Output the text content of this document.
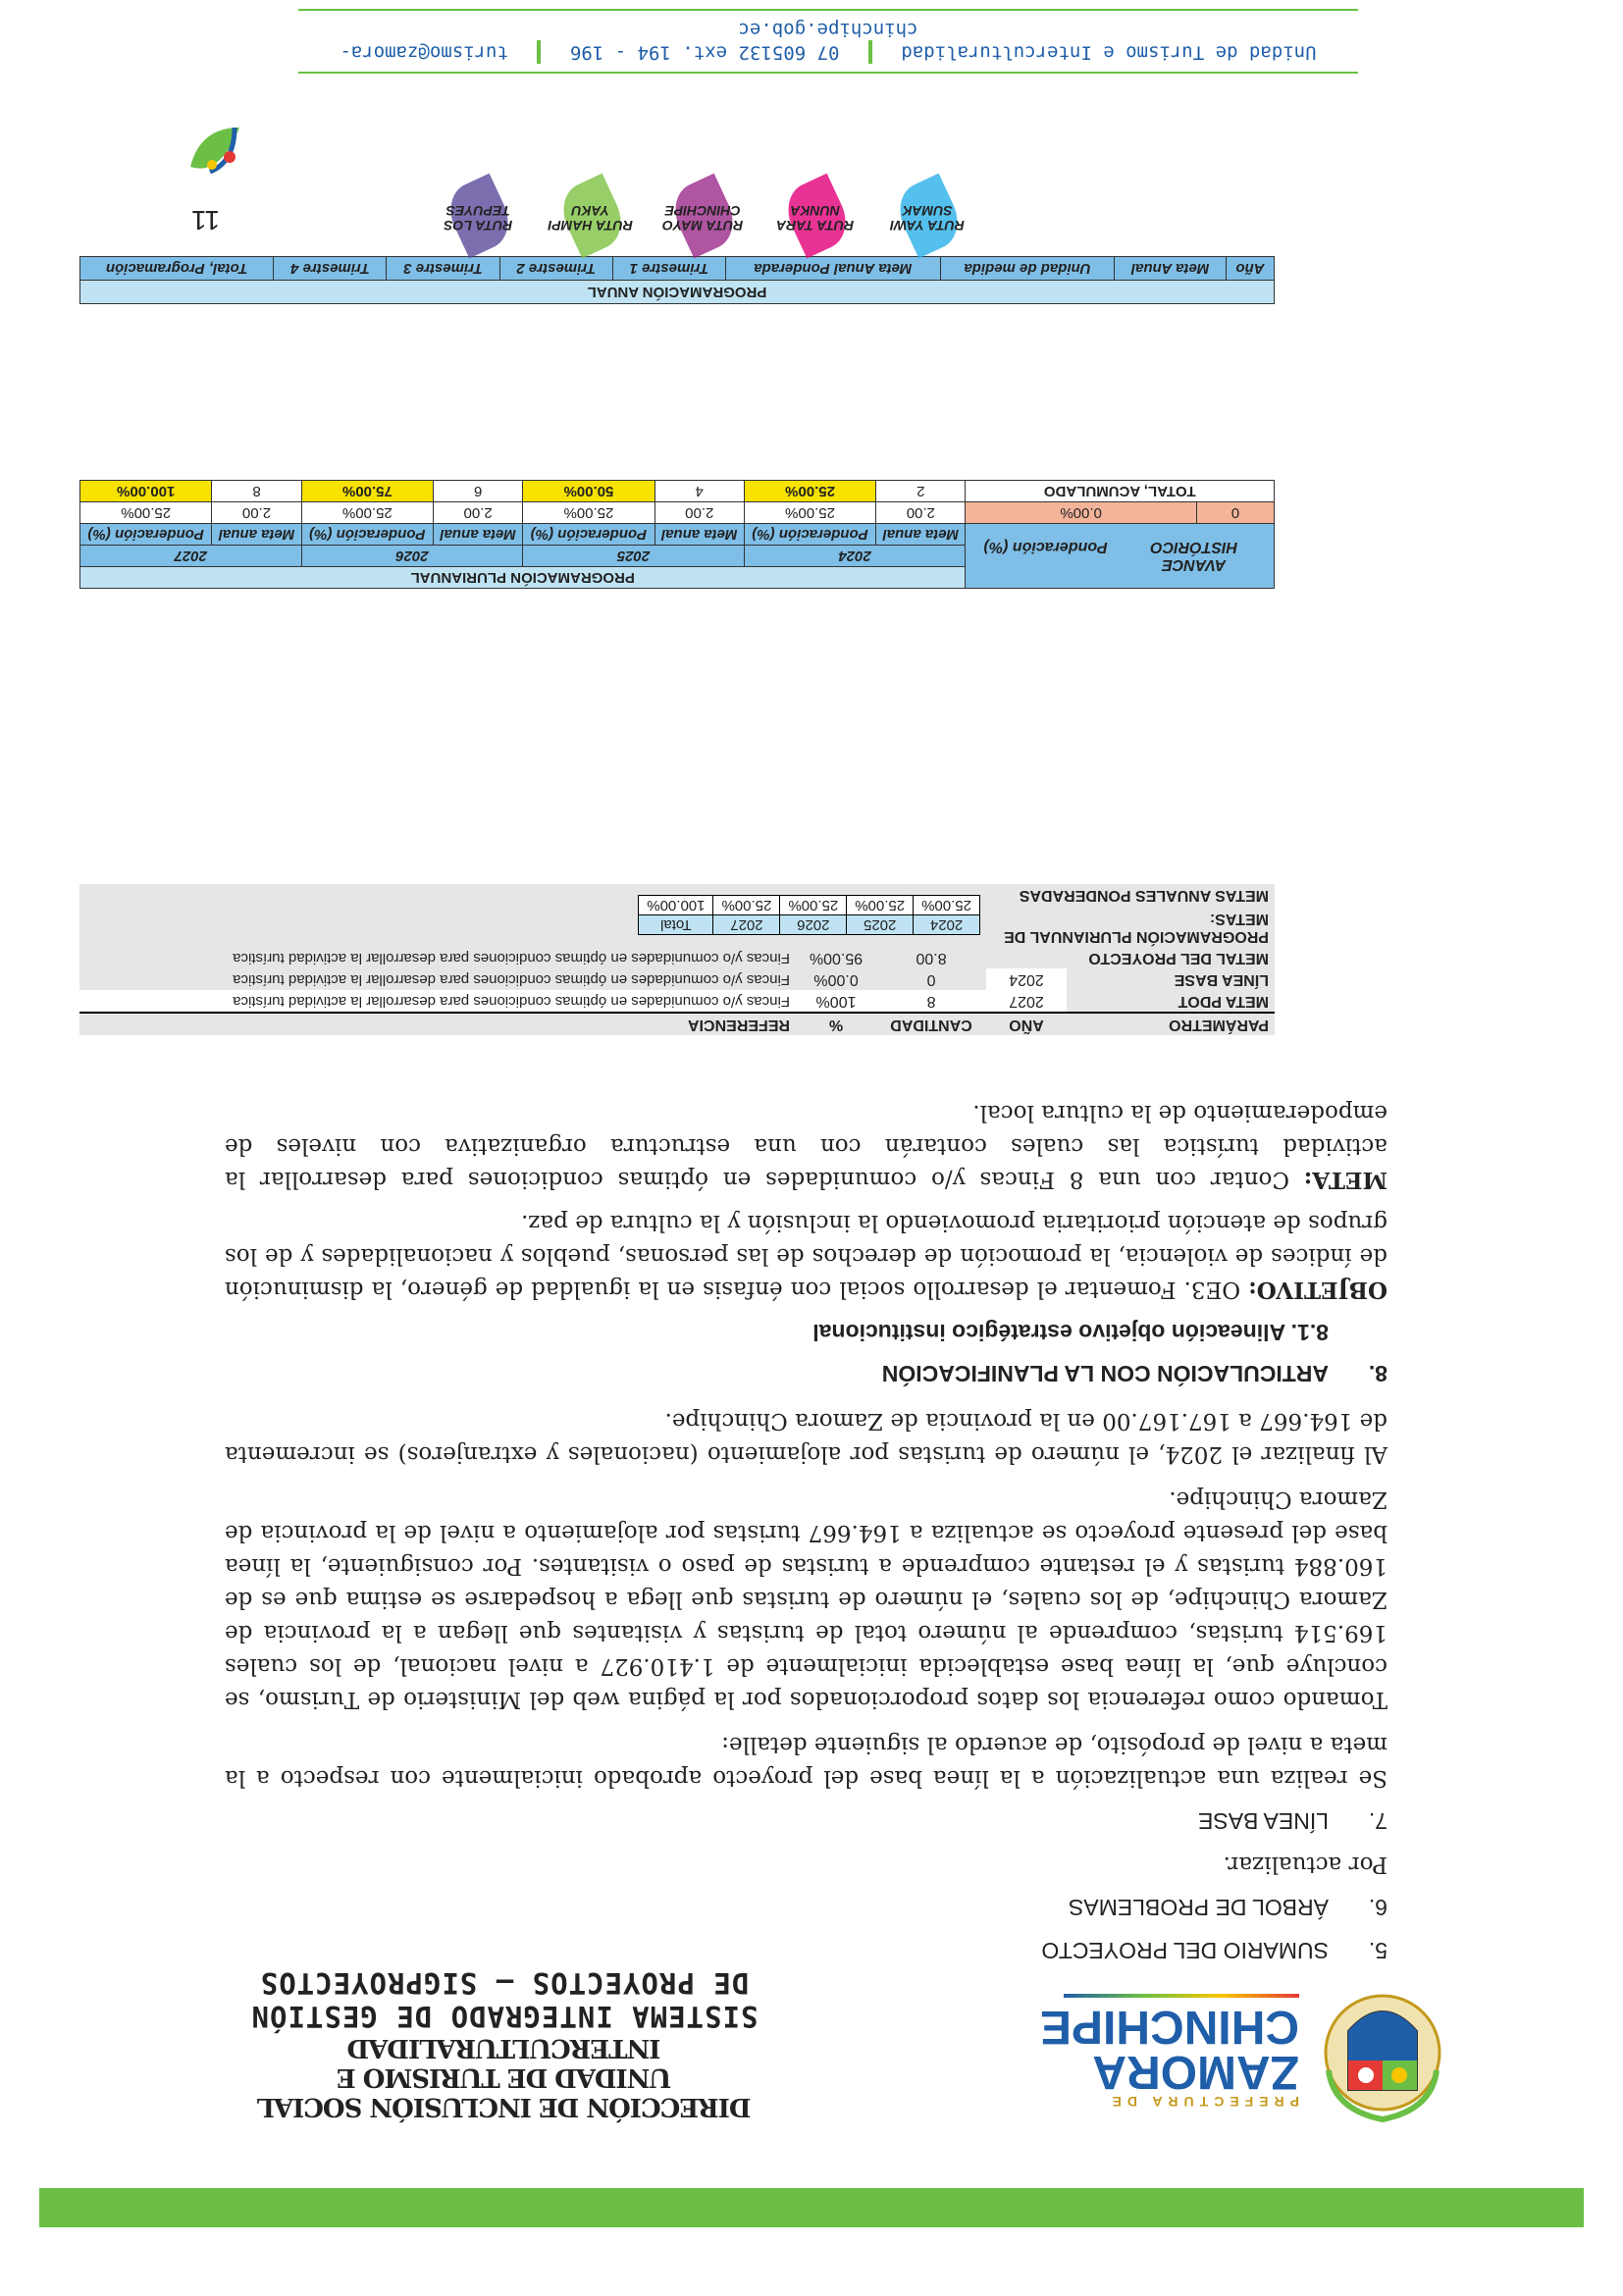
PREFECTURA DE
ZAMORA
CHINCHIPE
DIRECCIÓN DE INCLUSIÓN SOCIAL
UNIDAD DE TURISMO E INTERCULTURALIDAD
SISTEMA INTEGRADO DE GESTIÓN
DE PROYECTOS – SIGPROYECTOS

5.SUMARIO DEL PROYECTO

6.ÁRBOL DE PROBLEMAS

Por actualizar.

7.LÍNEA BASE

Se realiza una actualización a la línea base del proyecto aprobado inicialmente con respecto a la meta a nivel de propósito, de acuerdo al siguiente detalle:

Tomando como referencia los datos proporcionados por la página web del Ministerio de Turismo, se concluye que, la línea base establecida inicialmente de 1.410.927 a nivel nacional, de los cuales 169.514 turistas, comprende al número total de turistas y visitantes que llegan a la provincia de Zamora Chinchipe, de los cuales, el número de turistas que llega a hospedarse se estima que es de 160.884 turistas y el restante comprende a turistas de paso o visitantes. Por consiguiente, la línea base del presente proyecto se actualiza a 164.667 turistas por alojamiento a nivel de la provincia de Zamora Chinchipe.

Al finalizar el 2024, el número de turistas por alojamiento (nacionales y extranjeros) se incrementa de 164.667 a 167.167.00 en la provincia de Zamora Chinchipe.

8.ARTICULACIÓN CON LA PLANIFICACIÓN

8.1. Alineación objetivo estratégico institucional

OBJETIVO: OE3. Fomentar el desarrollo social con énfasis en la igualdad de género, la disminución de índices de violencia, la promoción de derechos de las personas, pueblos y nacionalidades y de los grupos de atención prioritaria promoviendo la inclusión y la cultura de paz.

META: Contar con una 8 Fincas y/o comunidades en óptimas condiciones para desarrollar la actividad turística las cuales contarán con una estructura organizativa con niveles de empoderamiento de la cultura local.

PARÁMETRO	AÑO	CANTIDAD	%	REFERENCIA
META PDOT	2027	8	100%	Fincas y/o comunidades en óptimas condiciones para desarrollar la actividad turística
LÍNEA BASE	2024	0	0.00%	Fincas y/o comunidades en óptimas condiciones para desarrollar la actividad turística
METAL DEL PROYECTO		8.00	95.00%	Fincas y/o comunidades en óptimas condiciones para desarrollar la actividad turística

PROGRAMACIÓN PLURIANUAL DE METAS:
METAS ANUALES PONDERADAS

2024	2025	2026	2027	Total
25.00%	25.00%	25.00%	25.00%	100.00%
AVANCE HISTÓRICO Ponderación (%)		PROGRAMACIÓN PLURIANUAL							
		2024		2025		2026		2027	
		Meta anual	Ponderación (%)	Meta anual	Ponderación (%)	Meta anual	Ponderación (%)	Meta anual	Ponderación (%)
0	0.00%	2.00	25.00%	2.00	25.00%	2.00	25.00%	2.00	25.00%
TOTAL, ACUMULADO		2	25.00%	4	50.00%	6	75.00%	8	100.00%
PROGRAMACIÓN ANUAL
Año	Meta Anual	Unidad de medida	Meta Anual Ponderada	Trimestre 1	Trimestre 2	Trimestre 3	Trimestre 4	Total, Programación
11	RUTA YAWI SUMAK

RUTA TARA NUNKA

RUTA MAYO CHINCHIPE

RUTA HAMPI YAKU

RUTA LOS TEPUYES
Unidad de Turismo e Interculturalidad  07 605132 ext. 194 - 196  turismo@zamora-chinchipe.gob.ec
